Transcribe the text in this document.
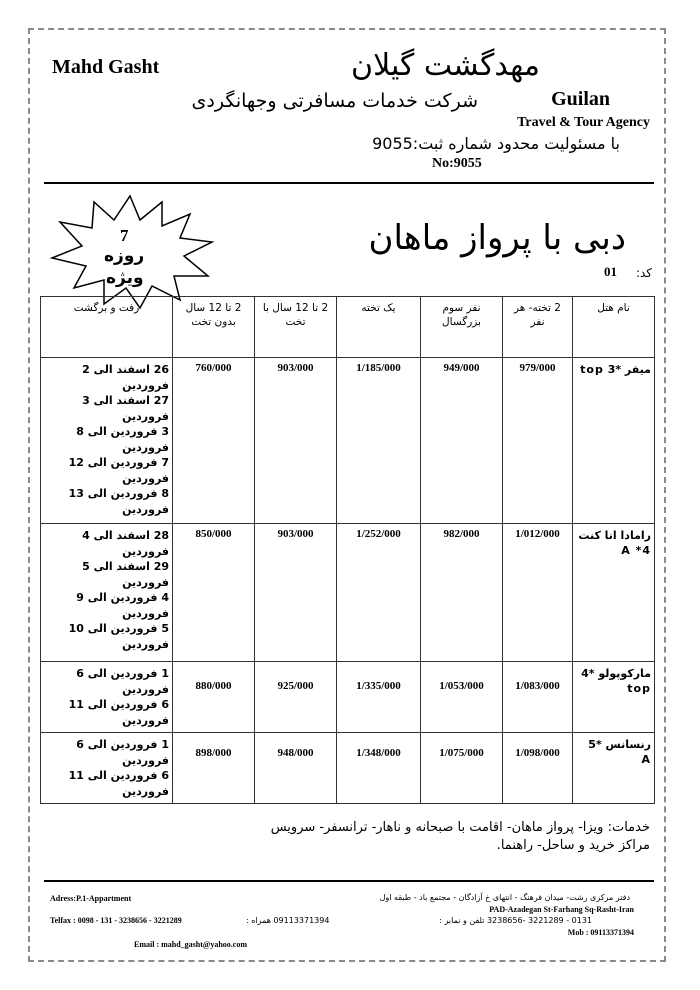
Mahd Gasht	مهدگشت گیلان
Guilan
شرکت خدمات مسافرتی وجهانگردی
Travel & Tour Agency
با مسئولیت محدود شماره ثبت:9055
No:9055
7
روزه
ویژه
دبی با پرواز ماهان
کد:
01
رفت و برگشت	2 تا 12 سال بدون تخت	2 تا 12 سال با تخت	یک تخته	نفر سوم بزرگسال	2 تخته- هر نفر	نام هتل

26 اسفند الی 2 فروردین
27 اسفند الی 3 فروردین
3 فروردین الی 8 فروردین
7 فروردین الی 12 فروردین
8 فروردین الی 13 فروردین	760/000	903/000	1/185/000	949/000	979/000	میفر *3 top

28 اسفند الی 4 فروردین
29 اسفند الی 5 فروردین
4 فروردین الی 9 فروردین
5 فروردین الی 10 فروردین	850/000	903/000	1/252/000	982/000	1/012/000	رامادا انا کنت A *4

1 فروردین الی 6 فروردین
6 فروردین الی 11 فروردین	880/000	925/000	1/335/000	1/053/000	1/083/000	مارکوپولو *4 top

1 فروردین الی 6 فروردین
6 فروردین الی 11 فروردین	898/000	948/000	1/348/000	1/075/000	1/098/000	رنسانس *5 A
خدمات: ویزا- پرواز ماهان- اقامت با صبحانه و ناهار- ترانسفر- سرویس
مراکز خرید و ساحل- راهنما.
Adress:P.1-Appartment	دفتر مرکزی رشت- میدان فرهنگ - انتهای خ آزادگان - مجتمع باد - طبقه اول
PAD-Azadegan St-Farhang Sq-Rasht-Iran
Telfax : 0098 - 131 - 3238656 - 3221289	09113371394 همراه :	0131 - 3221289 -3238656 تلفن و نمابر :
Mob : 09113371394
Email : mahd_gasht@yahoo.com
